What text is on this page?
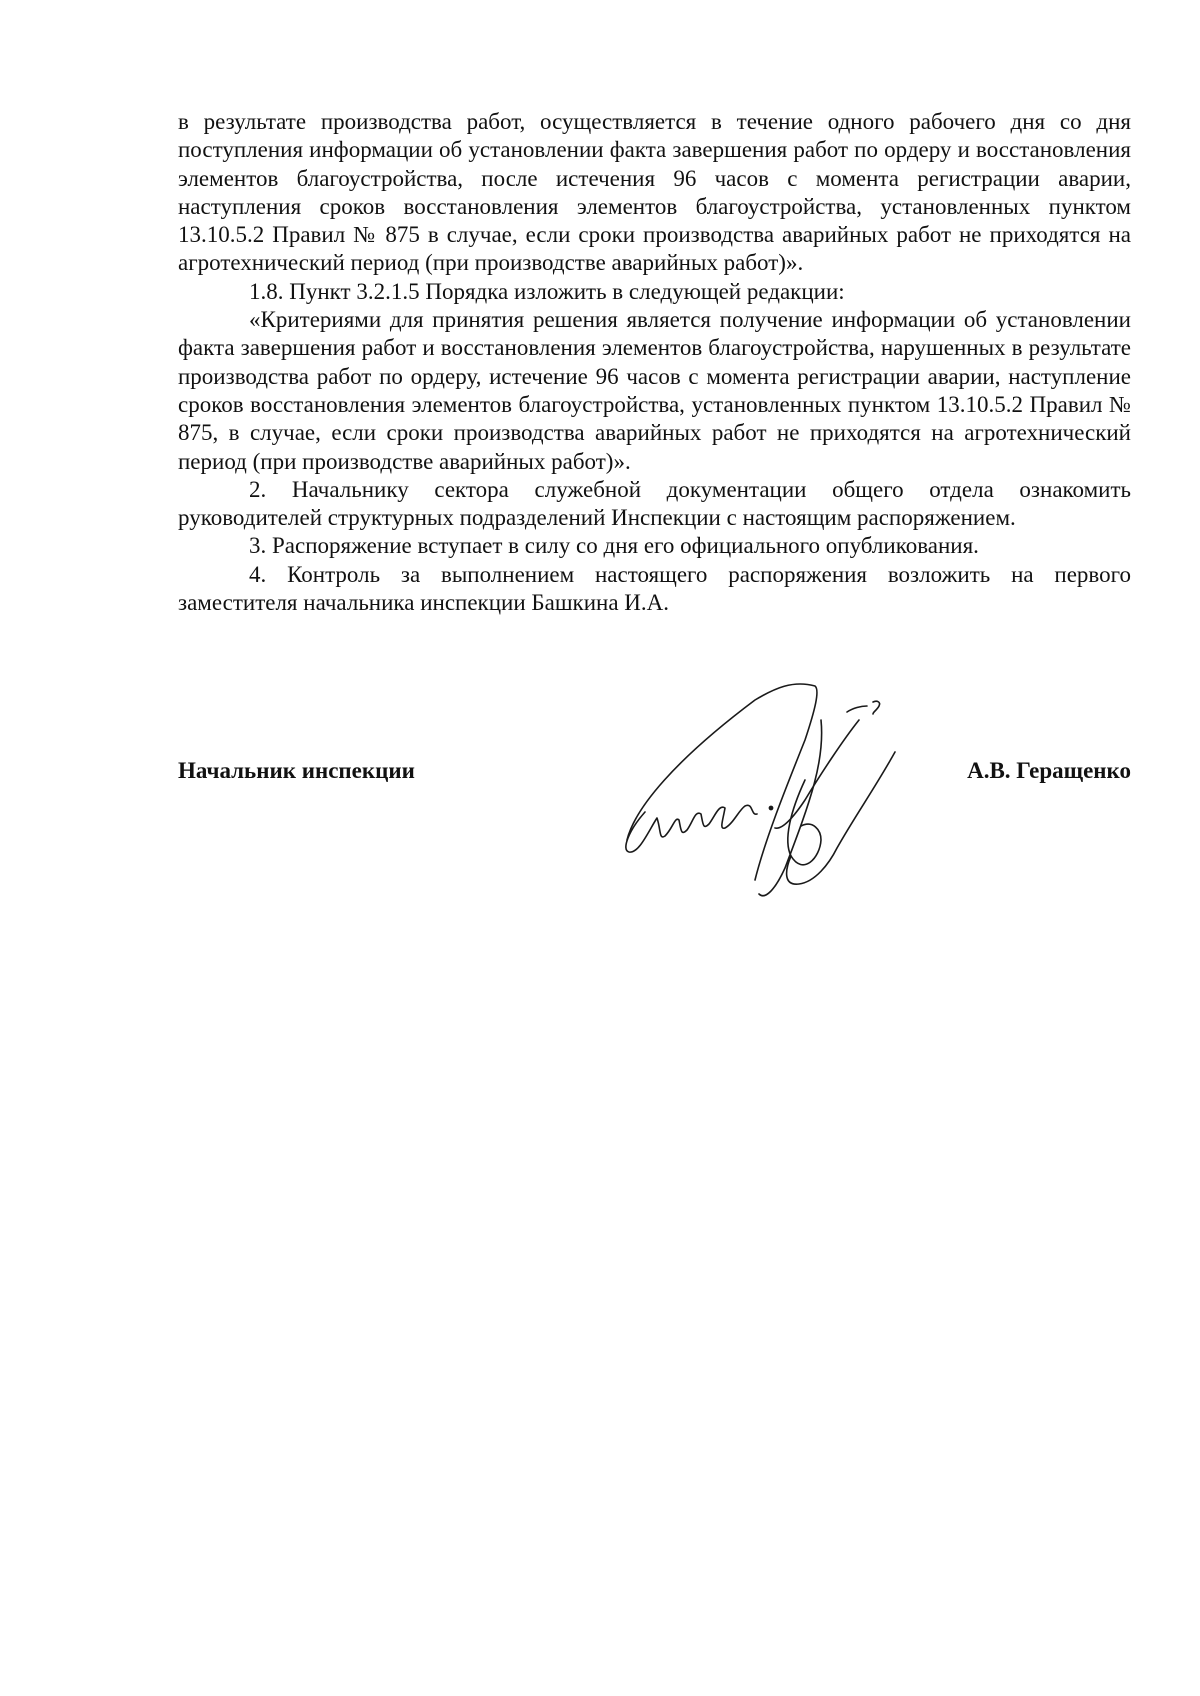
в результате производства работ, осуществляется в течение одного рабочего дня со дня поступления информации об установлении факта завершения работ по ордеру и восстановления элементов благоустройства, после истечения 96 часов с момента регистрации аварии, наступления сроков восстановления элементов благоустройства, установленных пунктом 13.10.5.2 Правил № 875 в случае, если сроки производства аварийных работ не приходятся на агротехнический период (при производстве аварийных работ)».

1.8. Пункт 3.2.1.5 Порядка изложить в следующей редакции:

«Критериями для принятия решения является получение информации об установлении факта завершения работ и восстановления элементов благоустройства, нарушенных в результате производства работ по ордеру, истечение 96 часов с момента регистрации аварии, наступление сроков восстановления элементов благоустройства, установленных пунктом 13.10.5.2 Правил № 875, в случае, если сроки производства аварийных работ не приходятся на агротехнический период (при производстве аварийных работ)».

2. Начальнику сектора служебной документации общего отдела ознакомить руководителей структурных подразделений Инспекции с настоящим распоряжением.

3. Распоряжение вступает в силу со дня его официального опубликования.

4. Контроль за выполнением настоящего распоряжения возложить на первого заместителя начальника инспекции Башкина И.А.

Начальник инспекции	А.В. Геращенко
